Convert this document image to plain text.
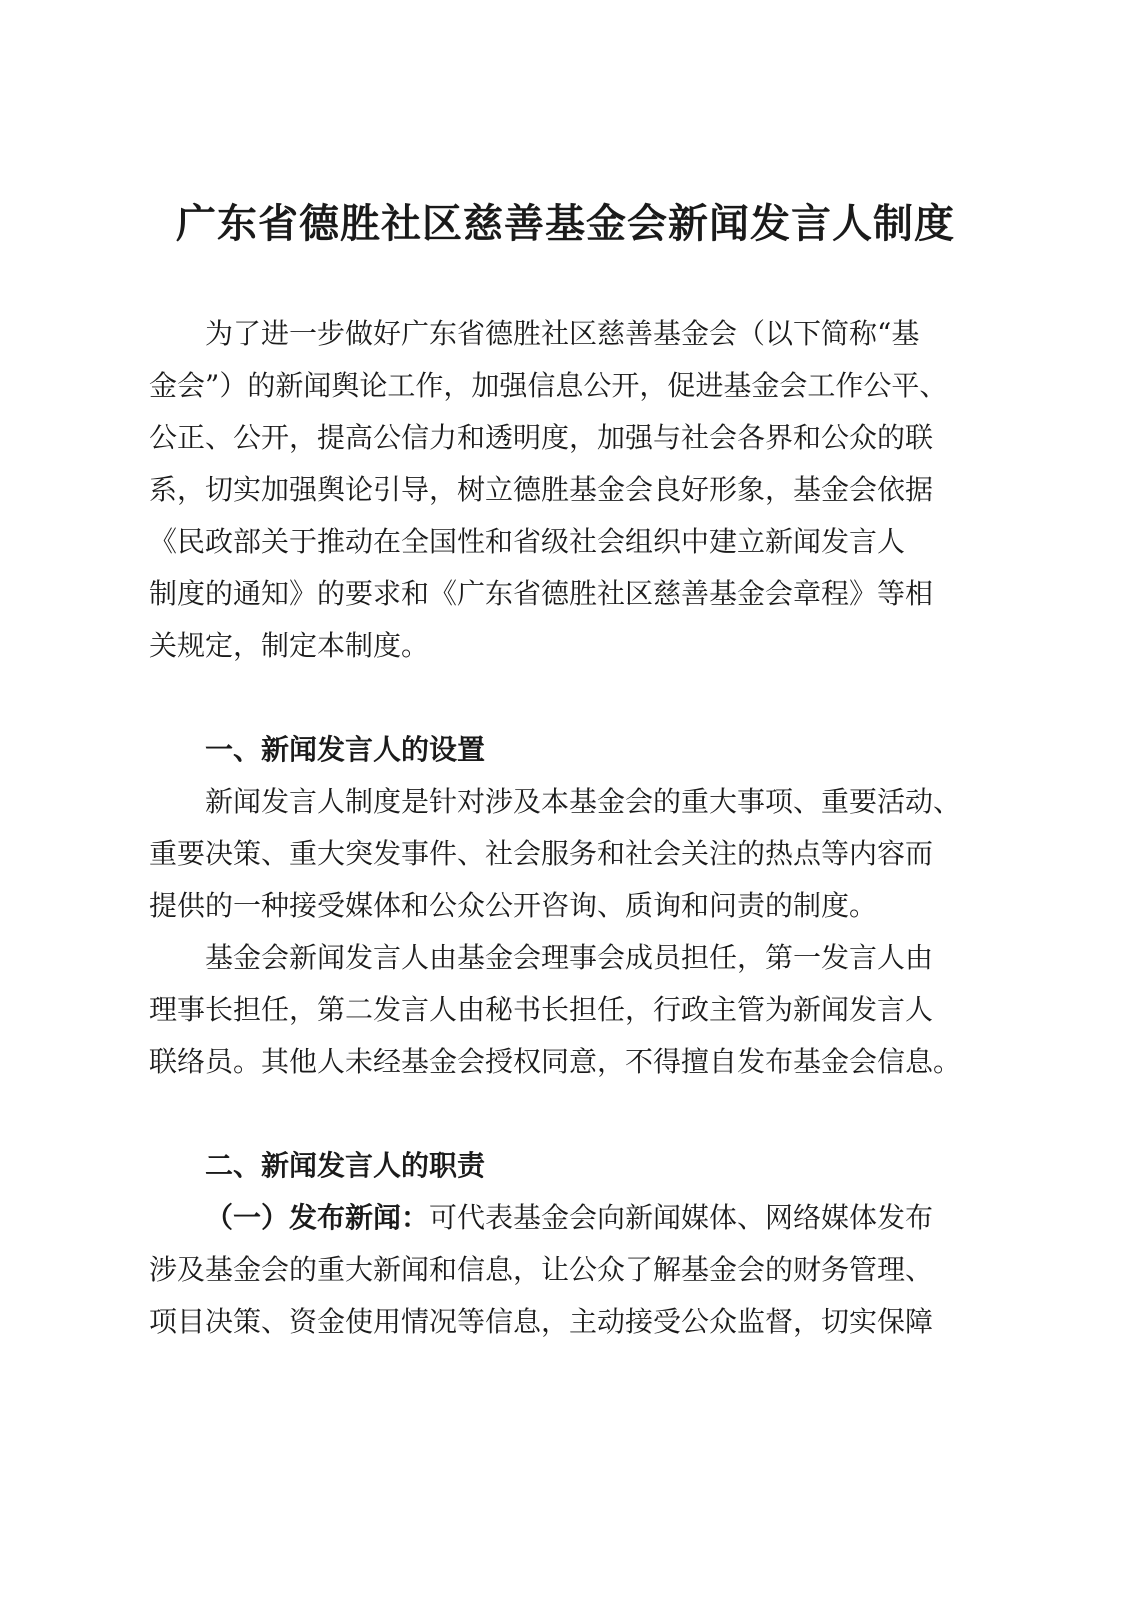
广东省德胜社区慈善基金会新闻发言人制度

为了进一步做好广东省德胜社区慈善基金会（以下简称“基

金会”）的新闻舆论工作，加强信息公开，促进基金会工作公平、

公正、公开，提高公信力和透明度，加强与社会各界和公众的联

系，切实加强舆论引导，树立德胜基金会良好形象，基金会依据

《民政部关于推动在全国性和省级社会组织中建立新闻发言人

制度的通知》的要求和《广东省德胜社区慈善基金会章程》等相

关规定，制定本制度。

一、新闻发言人的设置

新闻发言人制度是针对涉及本基金会的重大事项、重要活动、

重要决策、重大突发事件、社会服务和社会关注的热点等内容而

提供的一种接受媒体和公众公开咨询、质询和问责的制度。

基金会新闻发言人由基金会理事会成员担任，第一发言人由

理事长担任，第二发言人由秘书长担任，行政主管为新闻发言人

联络员。其他人未经基金会授权同意，不得擅自发布基金会信息。

二、新闻发言人的职责

（一）发布新闻：可代表基金会向新闻媒体、网络媒体发布

涉及基金会的重大新闻和信息，让公众了解基金会的财务管理、

项目决策、资金使用情况等信息，主动接受公众监督，切实保障
